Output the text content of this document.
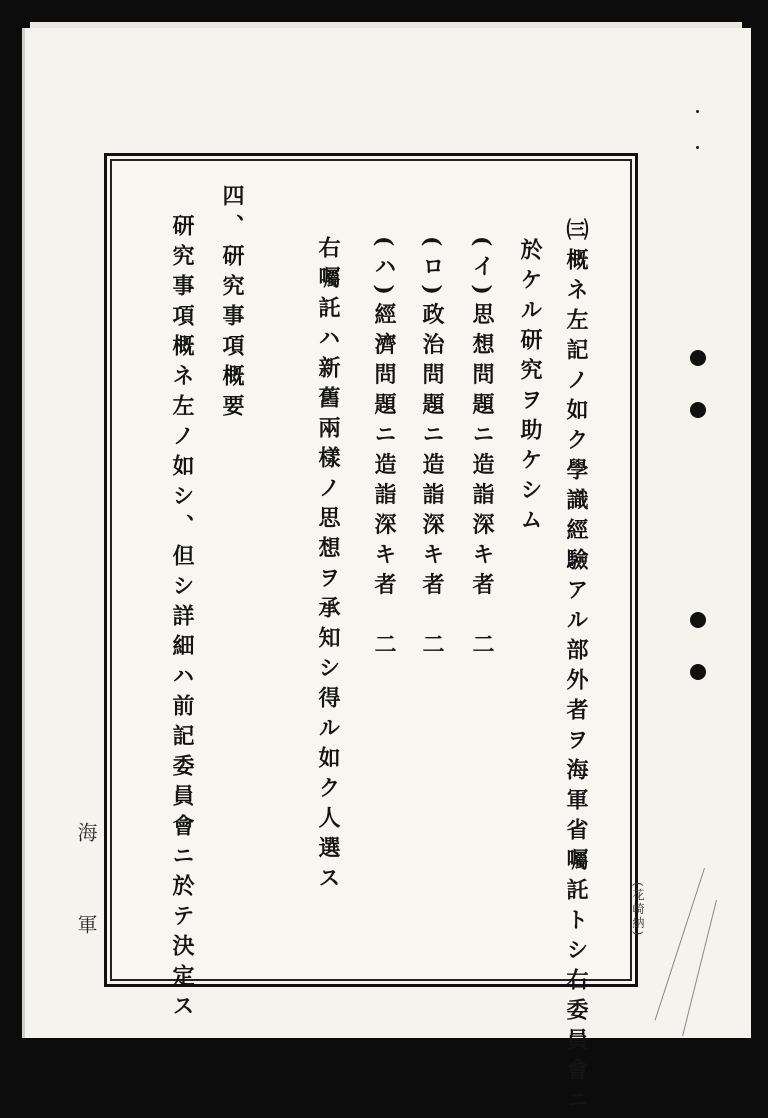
㈢概ネ左記ノ如ク學識經驗アル部外者ヲ海軍省囑託トシ右委員會ニ
於ケル研究ヲ助ケシム
(イ)思想問題ニ造詣深キ者　二
(ロ)政治問題ニ造詣深キ者　二
(ハ)經濟問題ニ造詣深キ者　二
右囑託ハ新舊兩樣ノ思想ヲ承知シ得ル如ク人選ス
四、研究事項概要
研究事項概ネ左ノ如シ、但シ詳細ハ前記委員會ニ於テ決定ス
海
軍	(花崎納)
